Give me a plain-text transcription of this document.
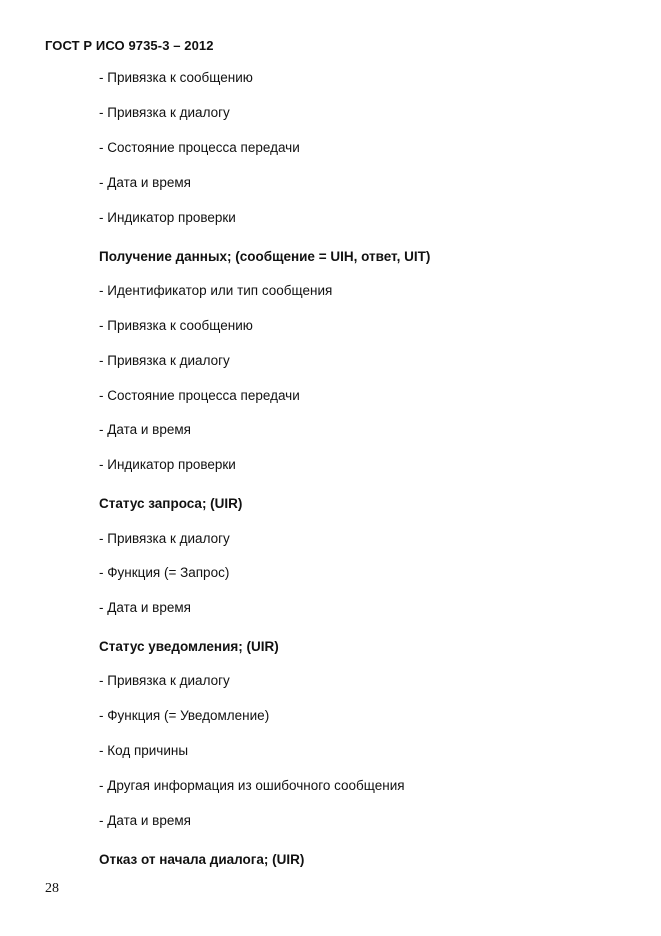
ГОСТ Р ИСО 9735-3 – 2012
- Привязка к сообщению
- Привязка к диалогу
- Состояние процесса передачи
- Дата и время
- Индикатор проверки
Получение данных; (сообщение = UIH, ответ, UIT)
- Идентификатор или тип сообщения
- Привязка к сообщению
- Привязка к диалогу
- Состояние процесса передачи
- Дата и время
- Индикатор проверки
Статус запроса; (UIR)
- Привязка к диалогу
- Функция (= Запрос)
- Дата и время
Статус уведомления; (UIR)
- Привязка к диалогу
- Функция (= Уведомление)
- Код причины
- Другая информация из ошибочного сообщения
- Дата и время
Отказ от начала диалога; (UIR)
28
